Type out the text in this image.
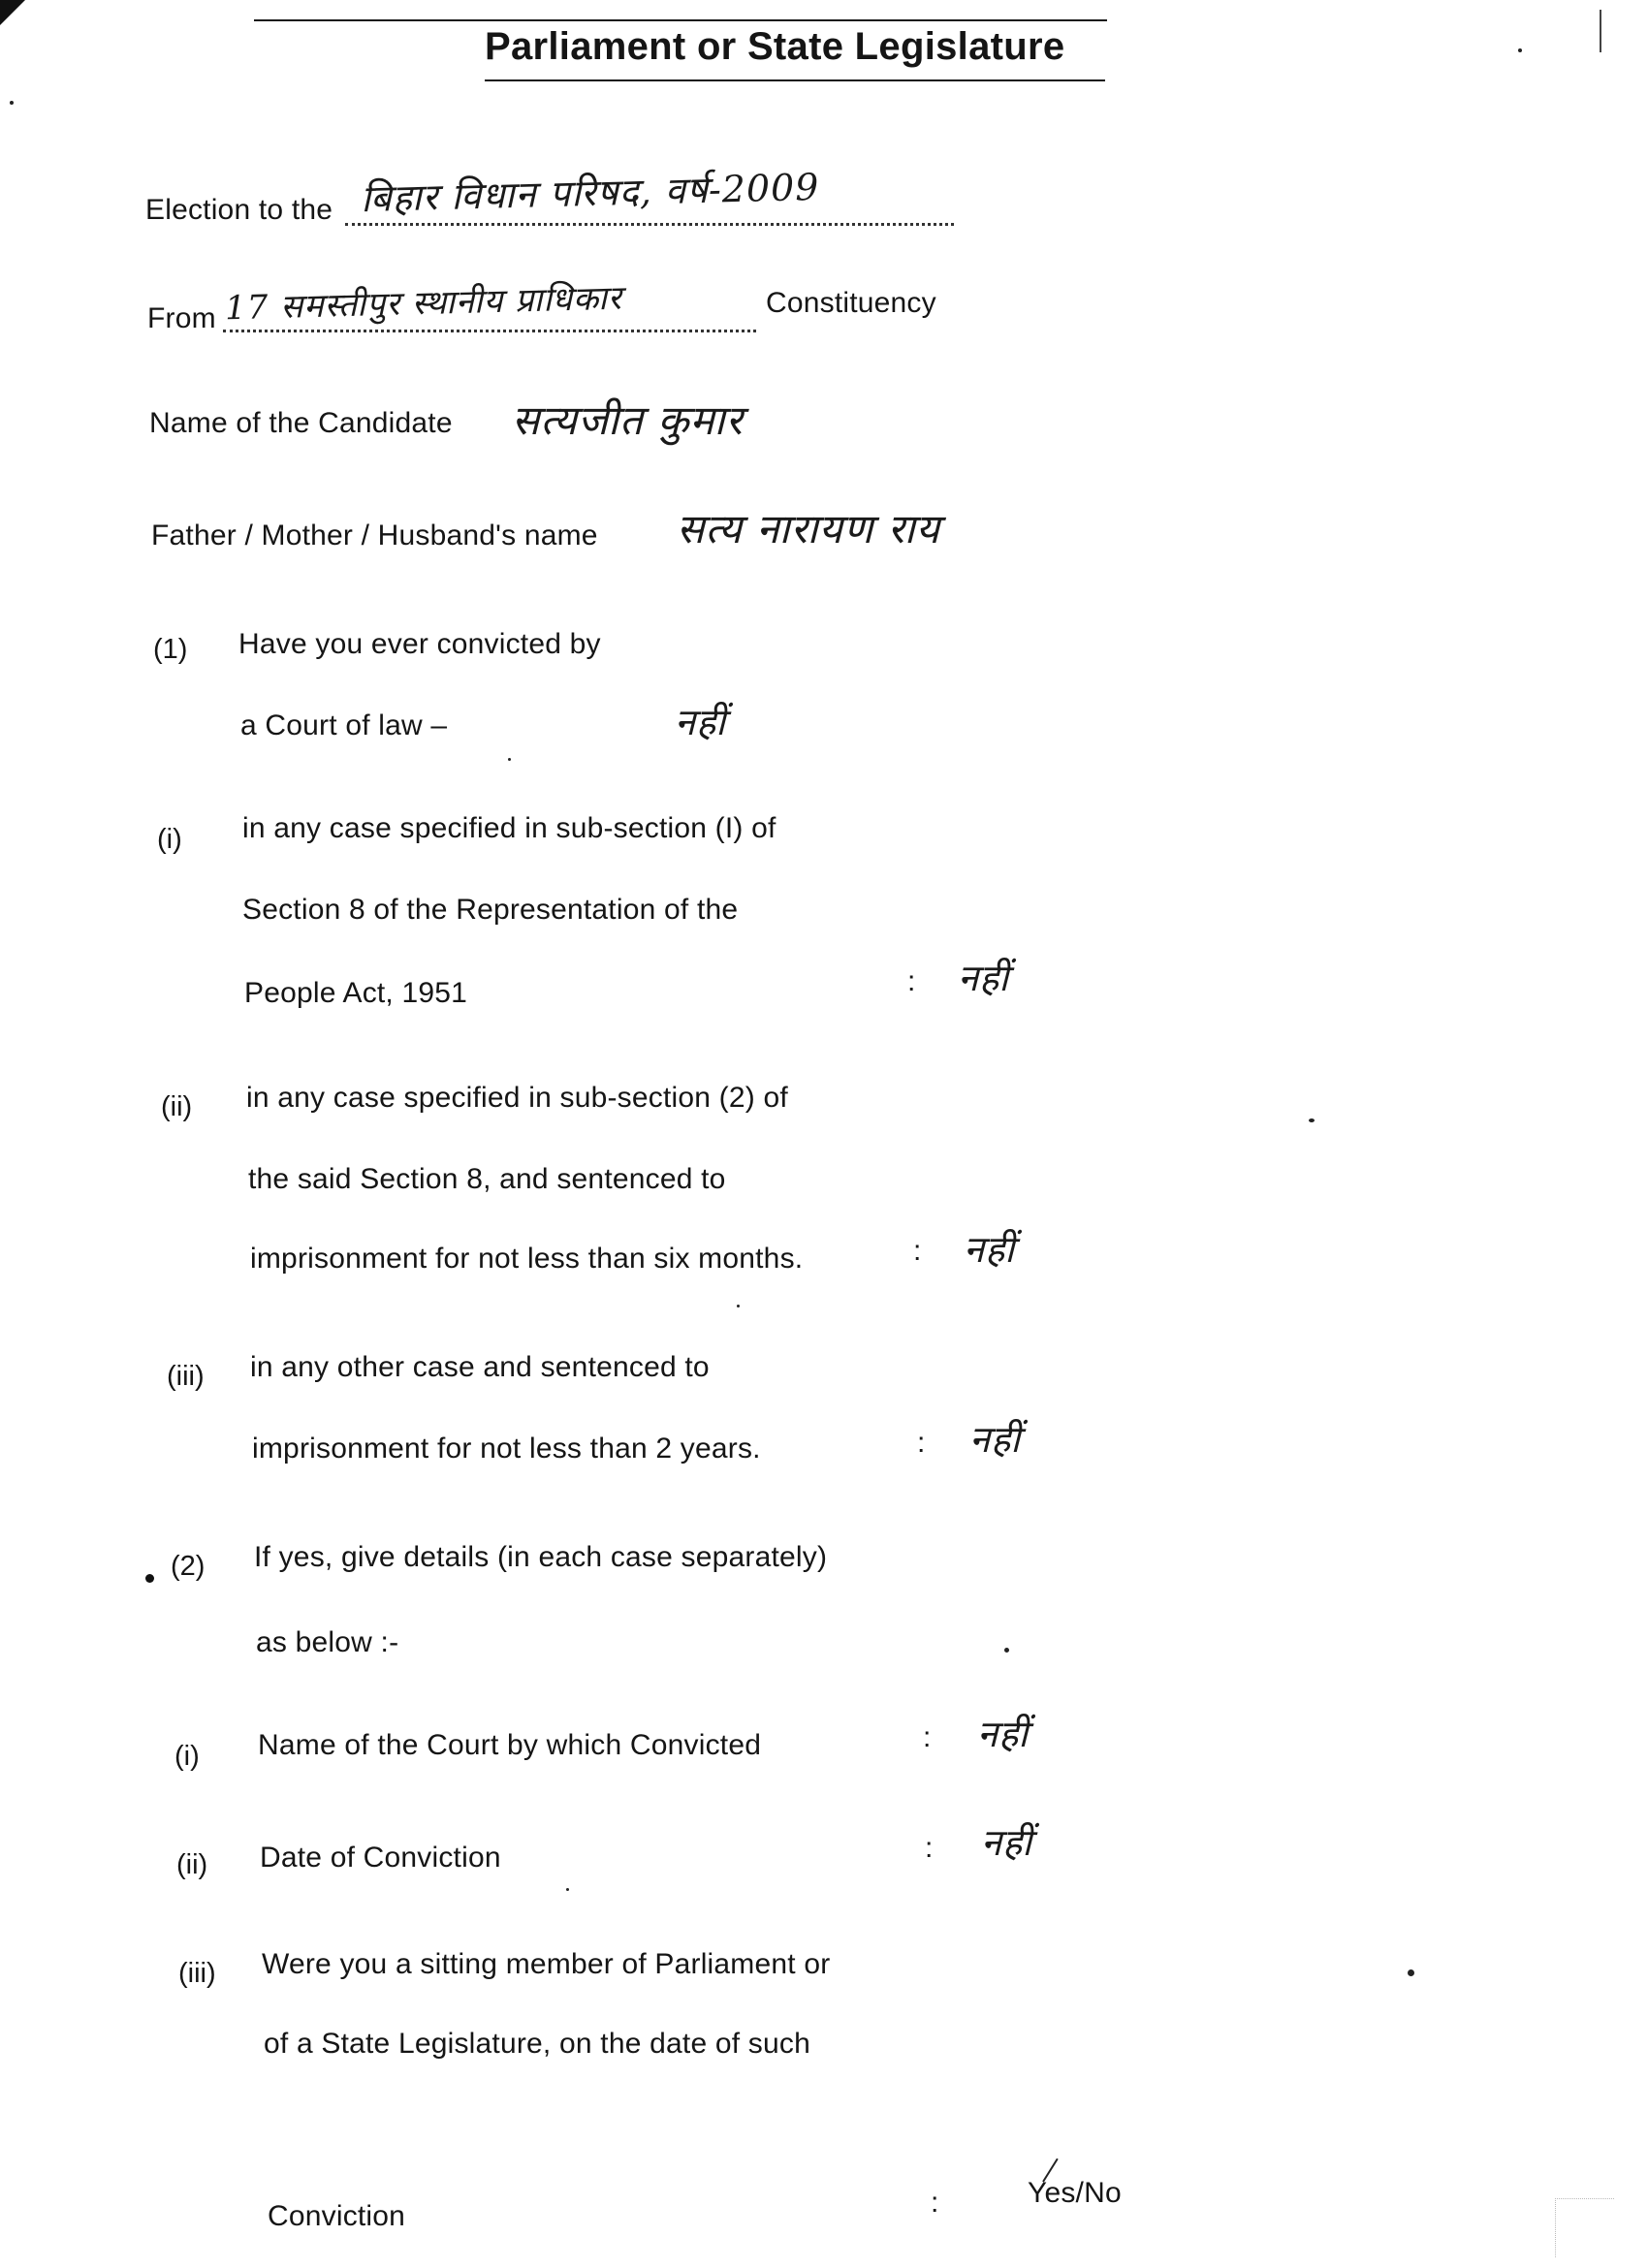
Parliament or State Legislature
Election to the बिहार विधान परिषद, वर्ष-2009
From 17 समस्तीपुर स्थानीय प्राधिकार	Constituency
Name of the Candidate सत्यजीत कुमार
Father / Mother / Husband's name सत्य नारायण राय
(1) Have you ever convicted by
a Court of law –	नहीं
(i) in any case specified in sub-section (I) of
Section 8 of the Representation of the
People Act, 1951	: नहीं
(ii) in any case specified in sub-section (2) of
the said Section 8, and sentenced to
imprisonment for not less than six months.	: नहीं
(iii) in any other case and sentenced to
imprisonment for not less than 2 years.	: नहीं
(2) If yes, give details (in each case separately)
as below :-
(i) Name of the Court by which Convicted	: नहीं
(ii) Date of Conviction	: नहीं
(iii) Were you a sitting member of Parliament or
of a State Legislature, on the date of such
Conviction	:	Yes/No
